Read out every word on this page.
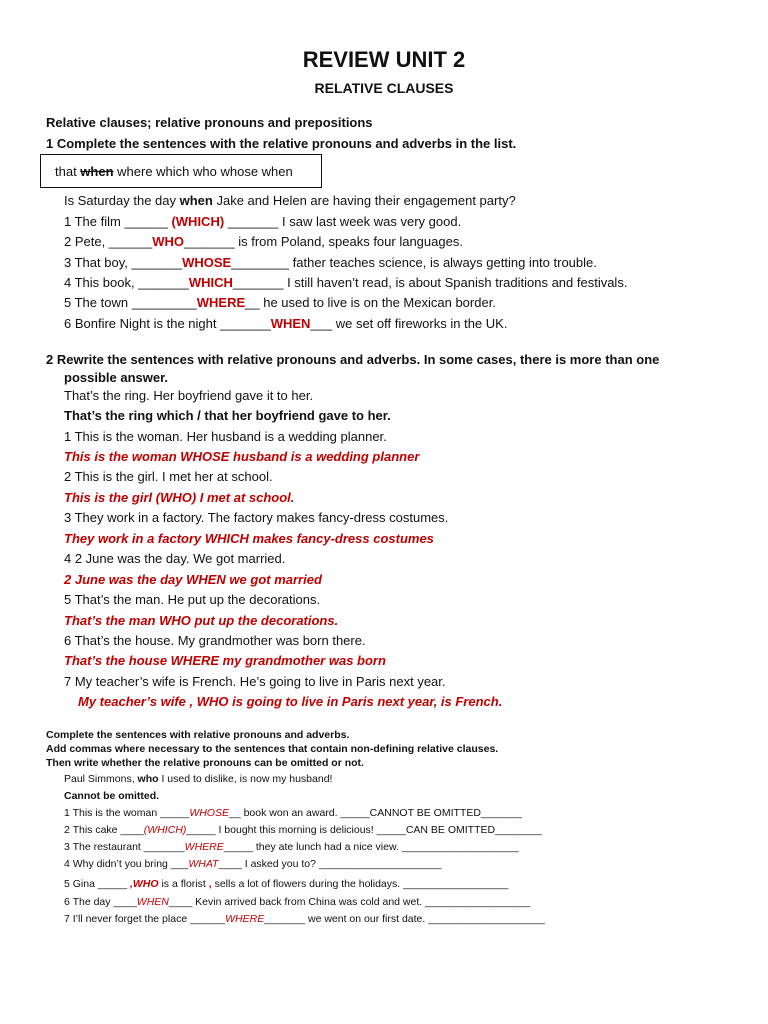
REVIEW UNIT 2
RELATIVE CLAUSES
Relative clauses; relative pronouns and prepositions
1 Complete the sentences with the relative pronouns and adverbs in the list.
that when where which who whose when
Is Saturday the day when Jake and Helen are having their engagement party?
1 The film ______ (WHICH) _______ I saw last week was very good.
2 Pete, ______WHO_______ is from Poland, speaks four languages.
3 That boy, _______WHOSE________ father teaches science, is always getting into trouble.
4 This book, _______WHICH_______ I still haven’t read, is about Spanish traditions and festivals.
5 The town _________WHERE__ he used to live is on the Mexican border.
6 Bonfire Night is the night _______WHEN___ we set off fireworks in the UK.
2 Rewrite the sentences with relative pronouns and adverbs. In some cases, there is more than one
possible answer.
That’s the ring. Her boyfriend gave it to her.
That’s the ring which / that her boyfriend gave to her.
1 This is the woman. Her husband is a wedding planner.
This is the woman WHOSE husband is a wedding planner
2 This is the girl. I met her at school.
This is the girl (WHO) I met at school.
3 They work in a factory. The factory makes fancy-dress costumes.
They work in a factory WHICH makes fancy-dress costumes
4 2 June was the day. We got married.
2 June was the day WHEN we got married
5 That’s the man. He put up the decorations.
That’s the man WHO put up the decorations.
6 That’s the house. My grandmother was born there.
That’s the house WHERE my grandmother was born
7 My teacher’s wife is French. He’s going to live in Paris next year.
My teacher’s wife , WHO is going to live in Paris next year, is French.
Complete the sentences with relative pronouns and adverbs.
Add commas where necessary to the sentences that contain non-defining relative clauses.
Then write whether the relative pronouns can be omitted or not.
Paul Simmons, who I used to dislike, is now my husband!
Cannot be omitted.
1 This is the woman _____WHOSE__ book won an award. _____CANNOT BE OMITTED_______
2 This cake ____(WHICH)_____ I bought this morning is delicious! _____CAN BE OMITTED________
3 The restaurant _______WHERE_____ they ate lunch had a nice view. ____________________
4 Why didn’t you bring ___WHAT____ I asked you to? _____________________
5 Gina _____ ,WHO is a florist , sells a lot of flowers during the holidays. __________________
6 The day ____WHEN____ Kevin arrived back from China was cold and wet. __________________
7 I’ll never forget the place ______WHERE_______ we went on our first date. ____________________
